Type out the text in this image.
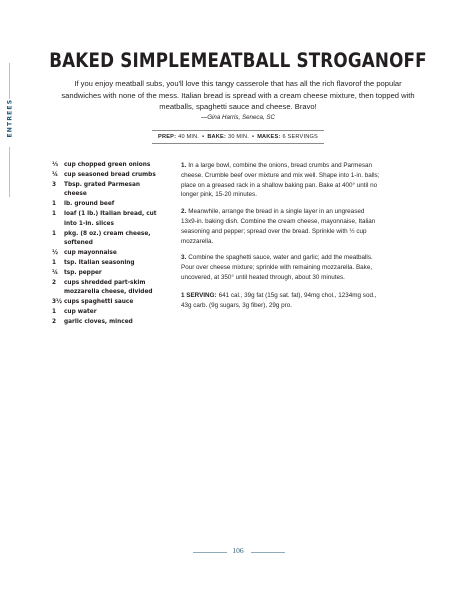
ENTREES
BAKED SIMPLEMEATBALL STROGANOFF
If you enjoy meatball subs, you'll love this tangy casserole that has all the rich flavorof the popular sandwiches with none of the mess. Italian bread is spread with a cream cheese mixture, then topped with meatballs, spaghetti sauce and cheese. Bravo!
—Gina Harris, Seneca, SC
PREP: 40 MIN. • BAKE: 30 MIN. • MAKES: 6 SERVINGS
⅓	cup chopped green onions
¼	cup seasoned bread crumbs
3	Tbsp. grated Parmesan cheese
1	lb. ground beef
1	loaf (1 lb.) Italian bread, cut into 1-in. slices
1	pkg. (8 oz.) cream cheese, softened
½	cup mayonnaise
1	tsp. Italian seasoning
¼	tsp. pepper
2	cups shredded part-skim mozzarella cheese, divided
3½ cups spaghetti sauce
1	cup water
2	garlic cloves, minced

1. In a large bowl, combine the onions, bread crumbs and Parmesan cheese. Crumble beef over mixture and mix well. Shape into 1-in. balls; place on a greased rack in a shallow baking pan. Bake at 400° until no longer pink, 15-20 minutes.

2. Meanwhile, arrange the bread in a single layer in an ungreased 13x9-in. baking dish. Combine the cream cheese, mayonnaise, Italian seasoning and pepper; spread over the bread. Sprinkle with ½ cup mozzarella.

3. Combine the spaghetti sauce, water and garlic; add the meatballs. Pour over cheese mixture; sprinkle with remaining mozzarella. Bake, uncovered, at 350° until heated through, about 30 minutes.

1 SERVING: 641 cal., 39g fat (15g sat. fat), 94mg chol., 1234mg sod., 43g carb. (9g sugars, 3g fiber), 29g pro.

106
